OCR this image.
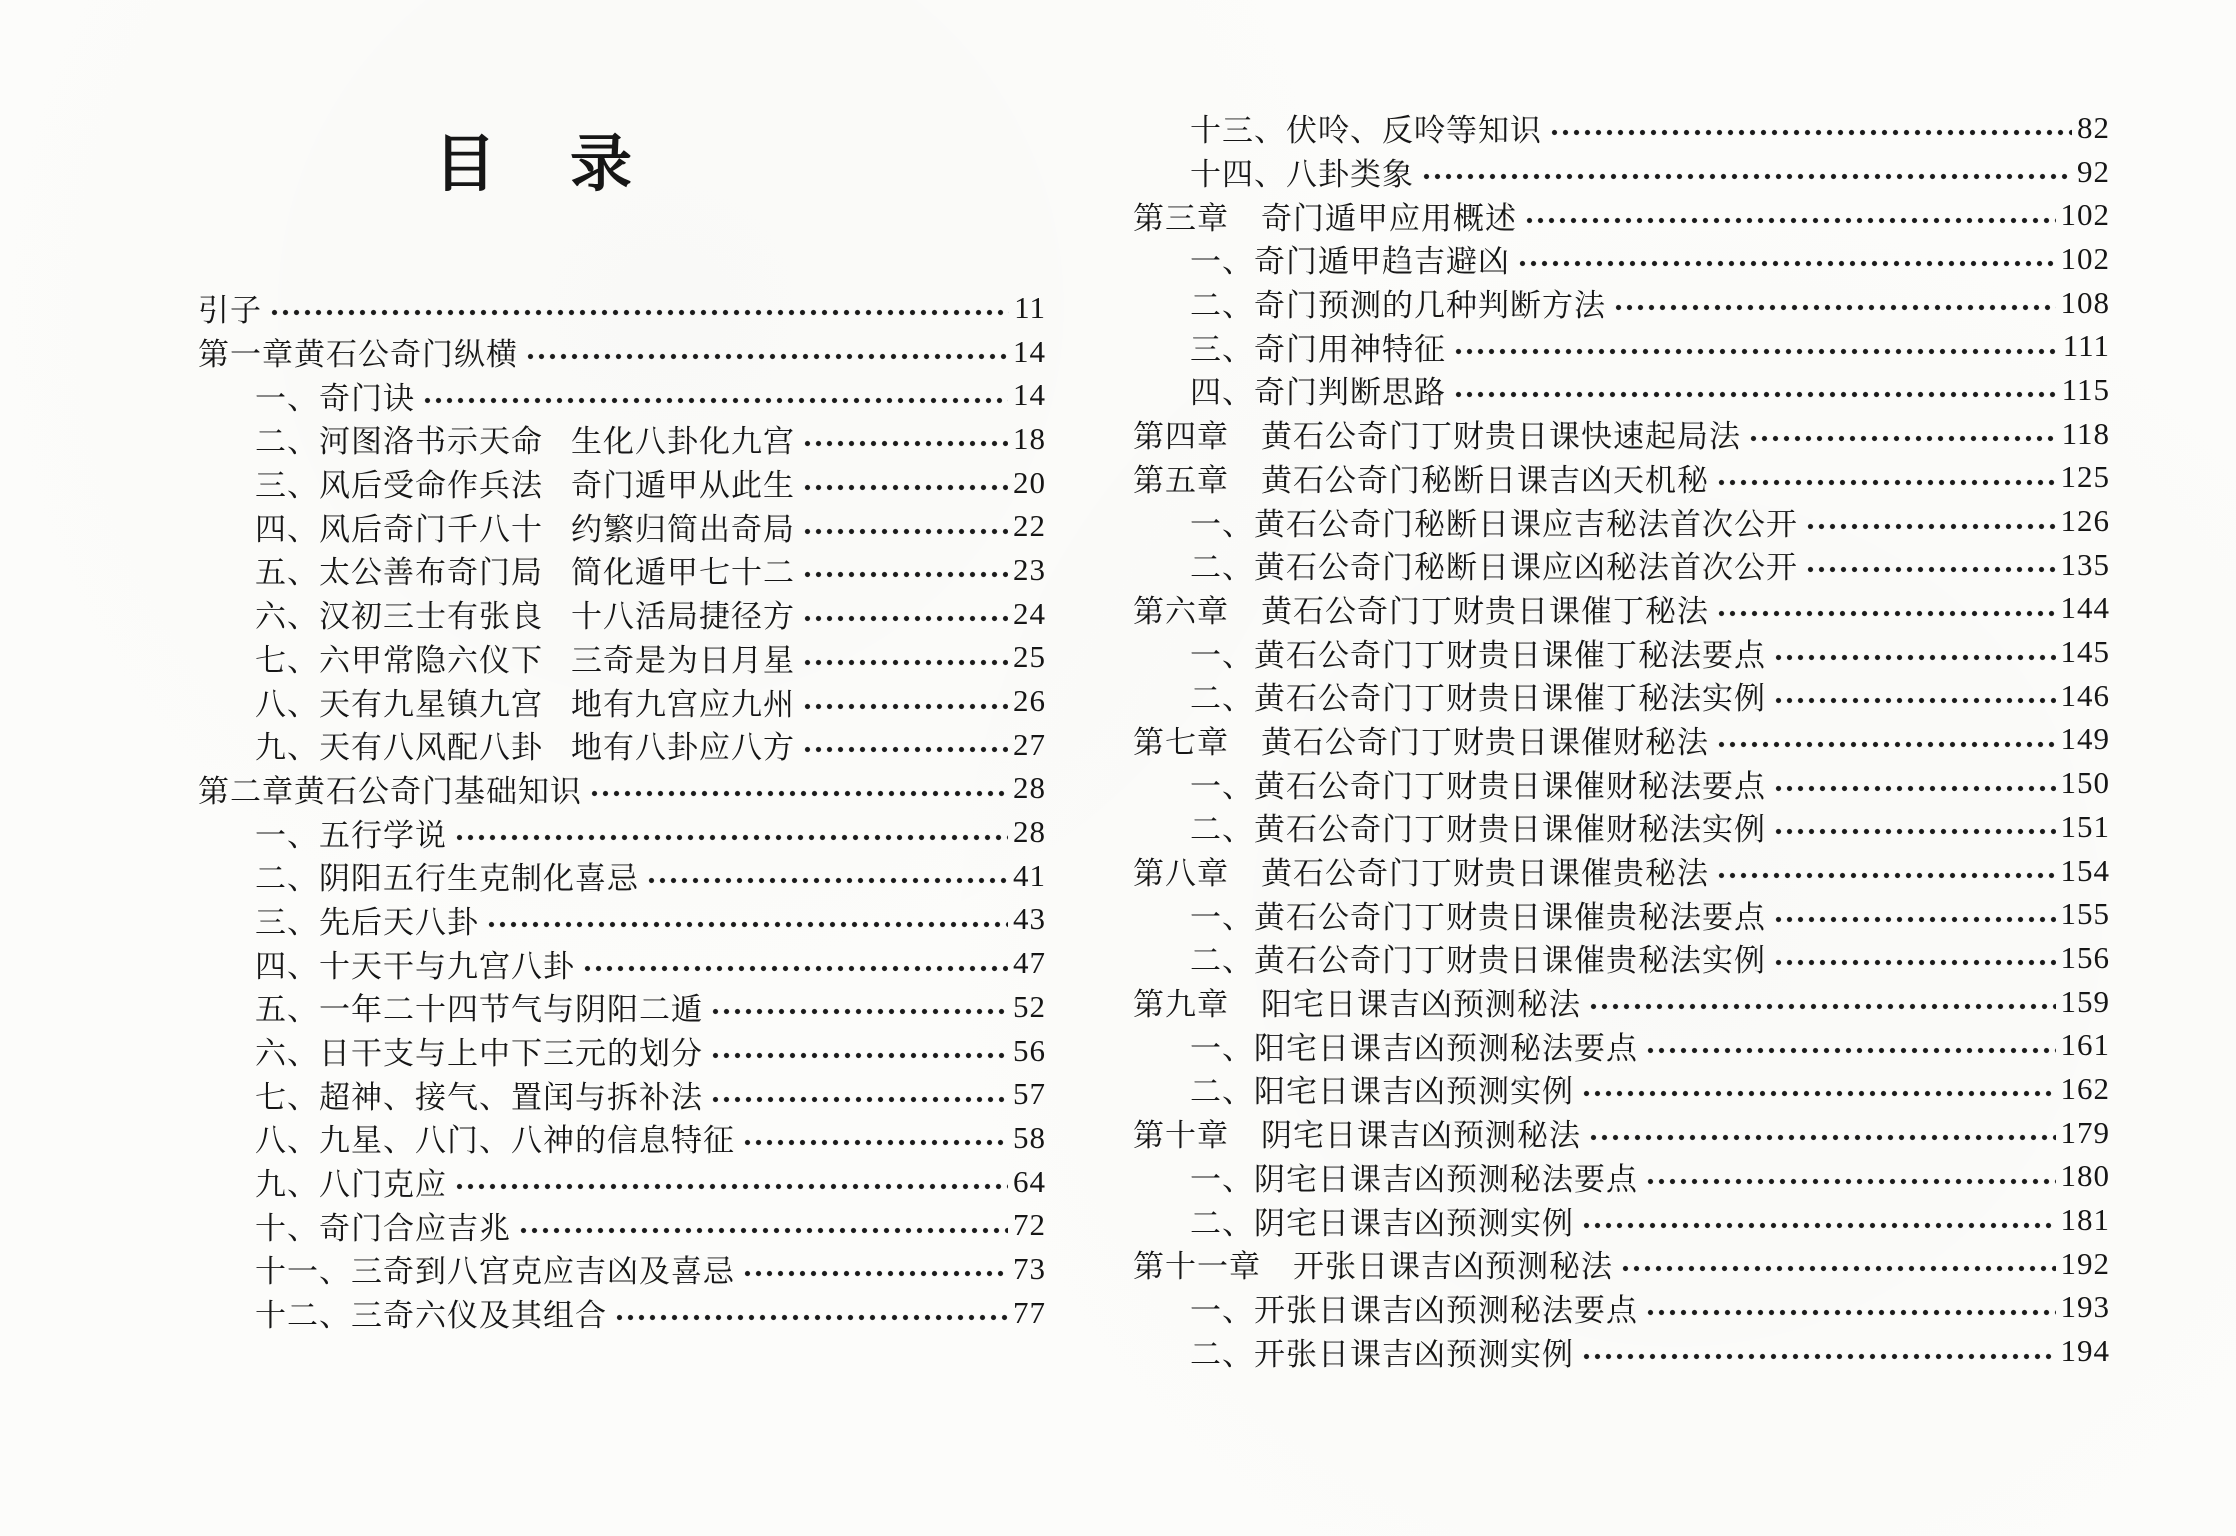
目　录
引子	11
第一章黄石公奇门纵横	14
一、奇门诀	14
二、河图洛书示天命 生化八卦化九宫	18
三、风后受命作兵法 奇门遁甲从此生	20
四、风后奇门千八十 约繁归简出奇局	22
五、太公善布奇门局 简化遁甲七十二	23
六、汉初三士有张良 十八活局捷径方	24
七、六甲常隐六仪下 三奇是为日月星	25
八、天有九星镇九宫 地有九宫应九州	26
九、天有八风配八卦 地有八卦应八方	27
第二章黄石公奇门基础知识	28
一、五行学说	28
二、阴阳五行生克制化喜忌	41
三、先后天八卦	43
四、十天干与九宫八卦	47
五、一年二十四节气与阴阳二遁	52
六、日干支与上中下三元的划分	56
七、超神、接气、置闰与拆补法	57
八、九星、八门、八神的信息特征	58
九、八门克应	64
十、奇门合应吉兆	72
十一、三奇到八宫克应吉凶及喜忌	73
十二、三奇六仪及其组合	77
十三、伏呤、反呤等知识	82
十四、八卦类象	92
第三章　奇门遁甲应用概述	102
一、奇门遁甲趋吉避凶	102
二、奇门预测的几种判断方法	108
三、奇门用神特征	111
四、奇门判断思路	115
第四章　黄石公奇门丁财贵日课快速起局法	118
第五章　黄石公奇门秘断日课吉凶天机秘	125
一、黄石公奇门秘断日课应吉秘法首次公开	126
二、黄石公奇门秘断日课应凶秘法首次公开	135
第六章　黄石公奇门丁财贵日课催丁秘法	144
一、黄石公奇门丁财贵日课催丁秘法要点	145
二、黄石公奇门丁财贵日课催丁秘法实例	146
第七章　黄石公奇门丁财贵日课催财秘法	149
一、黄石公奇门丁财贵日课催财秘法要点	150
二、黄石公奇门丁财贵日课催财秘法实例	151
第八章　黄石公奇门丁财贵日课催贵秘法	154
一、黄石公奇门丁财贵日课催贵秘法要点	155
二、黄石公奇门丁财贵日课催贵秘法实例	156
第九章　阳宅日课吉凶预测秘法	159
一、阳宅日课吉凶预测秘法要点	161
二、阳宅日课吉凶预测实例	162
第十章　阴宅日课吉凶预测秘法	179
一、阴宅日课吉凶预测秘法要点	180
二、阴宅日课吉凶预测实例	181
第十一章　开张日课吉凶预测秘法	192
一、开张日课吉凶预测秘法要点	193
二、开张日课吉凶预测实例	194
